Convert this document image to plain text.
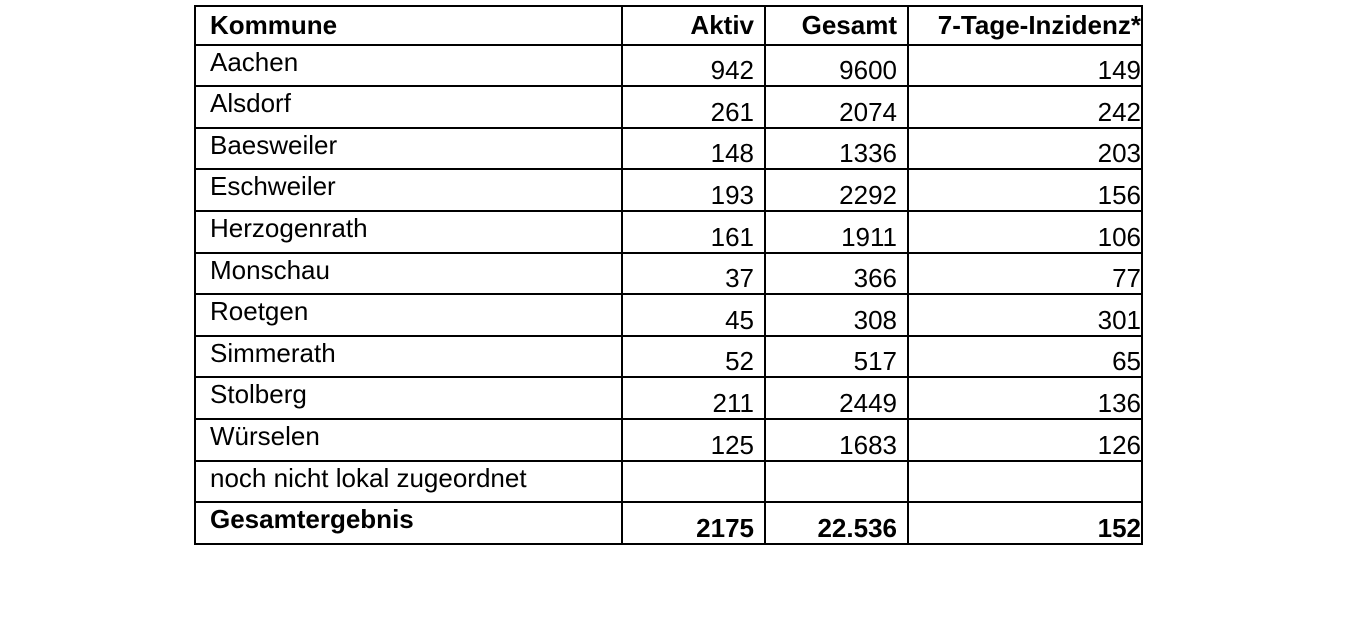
Kommune	Aktiv	Gesamt	7-Tage-Inzidenz*
Aachen	942	9600	149
Alsdorf	261	2074	242
Baesweiler	148	1336	203
Eschweiler	193	2292	156
Herzogenrath	161	1911	106
Monschau	37	366	77
Roetgen	45	308	301
Simmerath	52	517	65
Stolberg	211	2449	136
Würselen	125	1683	126
noch nicht lokal zugeordnet			
Gesamtergebnis	2175	22.536	152
